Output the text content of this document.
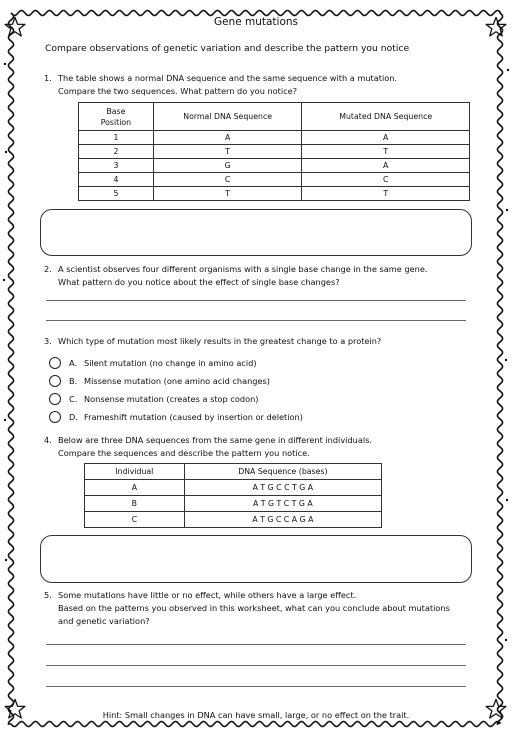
Gene mutations
Compare observations of genetic variation and describe the pattern you notice
1. The table shows a normal DNA sequence and the same sequence with a mutation.
Compare the two sequences. What pattern do you notice?
Base
Position	Normal DNA Sequence	Mutated DNA Sequence
1	A	A
2	T	T
3	G	A
4	C	C
5	T	T
2. A scientist observes four different organisms with a single base change in the same gene.
What pattern do you notice about the effect of single base changes?
3. Which type of mutation most likely results in the greatest change to a protein?
A. Silent mutation (no change in amino acid)
B. Missense mutation (one amino acid changes)
C. Nonsense mutation (creates a stop codon)
D. Frameshift mutation (caused by insertion or deletion)
4. Below are three DNA sequences from the same gene in different individuals.
Compare the sequences and describe the pattern you notice.
Individual	DNA Sequence (bases)
A	A T G C C T G A
B	A T G T C T G A
C	A T G C C A G A
5. Some mutations have little or no effect, while others have a large effect.
Based on the patterns you observed in this worksheet, what can you conclude about mutations
and genetic variation?
Hint: Small changes in DNA can have small, large, or no effect on the trait.
